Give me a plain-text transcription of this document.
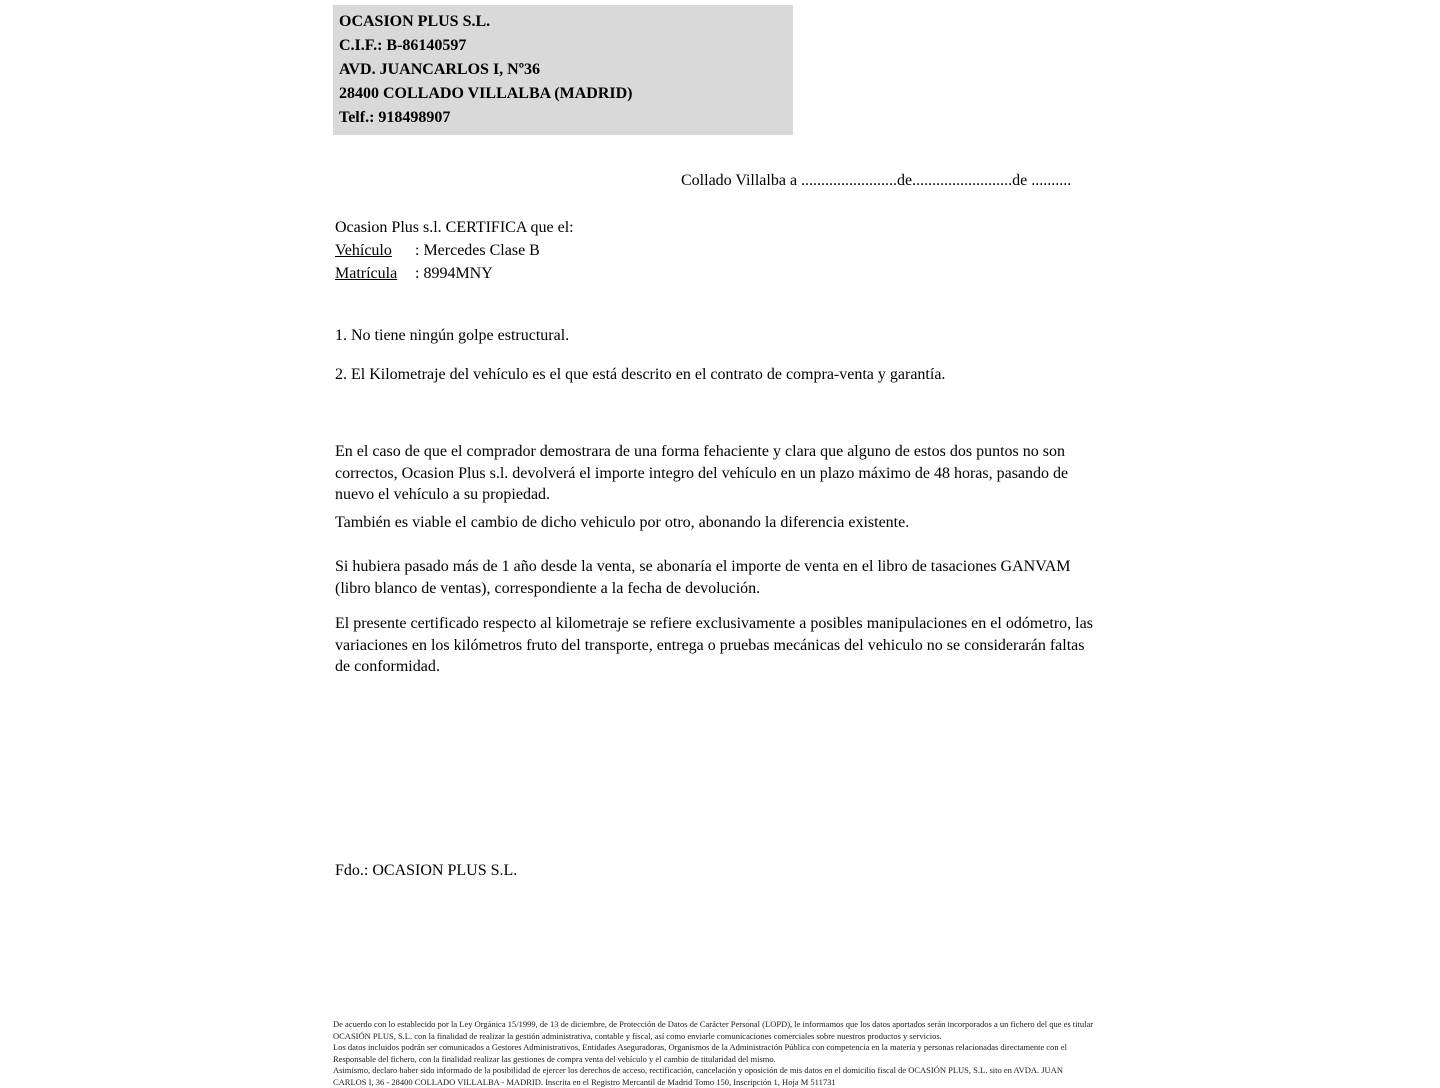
OCASION PLUS S.L.
C.I.F.: B-86140597
AVD. JUANCARLOS I, Nº36
28400 COLLADO VILLALBA (MADRID)
Telf.: 918498907
Collado Villalba a ........................de.........................de ..........
Ocasion Plus s.l. CERTIFICA que el:
Vehículo : Mercedes Clase B
Matrícula : 8994MNY
1. No tiene ningún golpe estructural.
2. El Kilometraje del vehículo es el que está descrito en el contrato de compra-venta y garantía.
En el caso de que el comprador demostrara de una forma fehaciente y clara que alguno de estos dos puntos no son correctos, Ocasion Plus s.l. devolverá el importe integro del vehículo en un plazo máximo de 48 horas, pasando de nuevo el vehículo a su propiedad.
También es viable el cambio de dicho vehiculo por otro, abonando la diferencia existente.
Si hubiera pasado más de 1 año desde la venta, se abonaría el importe de venta en el libro de tasaciones GANVAM (libro blanco de ventas), correspondiente a la fecha de devolución.
El presente certificado respecto al kilometraje se refiere exclusivamente a posibles manipulaciones en el odómetro, las variaciones en los kilómetros fruto del transporte, entrega o pruebas mecánicas del vehiculo no se considerarán faltas de conformidad.
Fdo.: OCASION PLUS S.L.
De acuerdo con lo establecido por la Ley Orgánica 15/1999, de 13 de diciembre, de Protección de Datos de Carácter Personal (LOPD), le informamos que los datos aportados serán incorporados a un fichero del que es titular
OCASIÓN PLUS, S.L. con la finalidad de realizar la gestión administrativa, contable y fiscal, así como enviarle comunicaciones comerciales sobre nuestros productos y servicios.
Los datos incluidos podrán ser comunicados a Gestores Administrativos, Entidades Aseguradoras, Organismos de la Administración Pública con competencia en la materia y personas relacionadas directamente con el
Responsable del fichero, con la finalidad realizar las gestiones de compra venta del vehículo y el cambio de titularidad del mismo.
Asimismo, declaro haber sido informado de la posibilidad de ejercer los derechos de acceso, rectificación, cancelación y oposición de mis datos en el domicilio fiscal de OCASIÓN PLUS, S.L. sito en AVDA. JUAN
CARLOS I, 36 - 28400 COLLADO VILLALBA - MADRID. Inscrita en el Registro Mercantil de Madrid Tomo 150, Inscripción 1, Hoja M 511731
